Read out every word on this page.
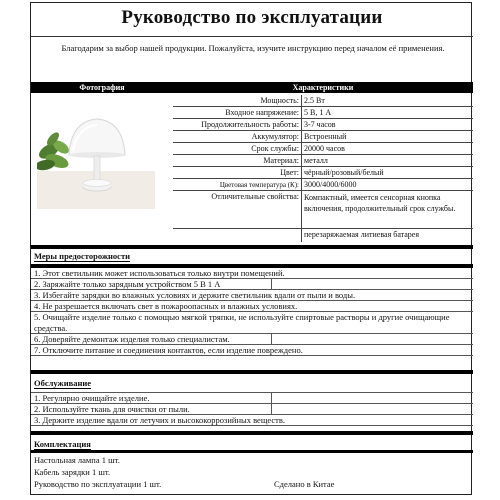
Руководство по эксплуатации
Благодарим за выбор нашей продукции. Пожалуйста, изучите инструкцию перед началом её применения.
Фотография	Характеристики
Мощность: 2.5 Вт
Входное напряжение: 5 В, 1 А
Продолжительность работы: 3-7 часов
Аккумулятор: Встроенный
Срок службы: 20000 часов
Материал: металл
Цвет: чёрный/розовый/белый
Цветовая температура (К): 3000/4000/6000
Отличительные свойства: Компактный, имеется сенсорная кнопка включения, продолжительный срок службы.
перезаряжаемая литиевая батарея
Меры предосторожности
1. Этот светильник может использоваться только внутри помещений.
2. Заряжайте только зарядным устройством 5 В 1 А
3. Избегайте зарядки во влажных условиях и держите светильник вдали от пыли и воды.
4. Не разрешается включать свет в пожароопасных и влажных условиях.
5. Очищайте изделие только с помощью мягкой тряпки, не используйте спиртовые растворы и другие очищающие средства.
6. Доверяйте демонтаж изделия только специалистам.
7. Отключите питание и соединения контактов, если изделие повреждено.
Обслуживание
1. Регулярно очищайте изделие.
2. Используйте ткань для очистки от пыли.
3. Держите изделие вдали от летучих и высококоррозийных веществ.
Комплектация
Настольная лампа 1 шт.
Кабель зарядки 1 шт.
Руководство по эксплуатации 1 шт.	Сделано в Китае
